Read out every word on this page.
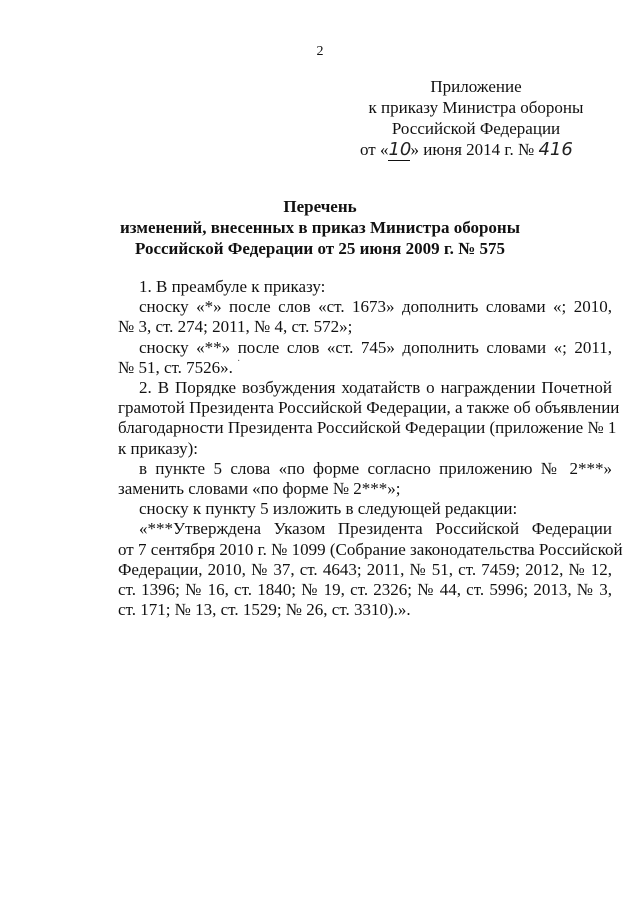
2
Приложение
к приказу Министра обороны
Российской Федерации
от «10» июня 2014 г. № 416
Перечень
изменений, внесенных в приказ Министра обороны
Российской Федерации от 25 июня 2009 г. № 575
·
1. В преамбуле к приказу:
сноску «*» после слов «ст. 1673» дополнить словами «; 2010,
№ 3, ст. 274; 2011, № 4, ст. 572»;
сноску «**» после слов «ст. 745» дополнить словами «; 2011,
№ 51, ст. 7526».
2. В Порядке возбуждения ходатайств о награждении Почетной
грамотой Президента Российской Федерации, а также об объявлении
благодарности Президента Российской Федерации (приложение № 1
к приказу):
в пункте 5 слова «по форме согласно приложению № 2***»
заменить словами «по форме № 2***»;
сноску к пункту 5 изложить в следующей редакции:
«***Утверждена Указом Президента Российской Федерации
от 7 сентября 2010 г. № 1099 (Собрание законодательства Российской
Федерации, 2010, № 37, ст. 4643; 2011, № 51, ст. 7459; 2012, № 12,
ст. 1396; № 16, ст. 1840; № 19, ст. 2326; № 44, ст. 5996; 2013, № 3,
ст. 171; № 13, ст. 1529; № 26, ст. 3310).».
